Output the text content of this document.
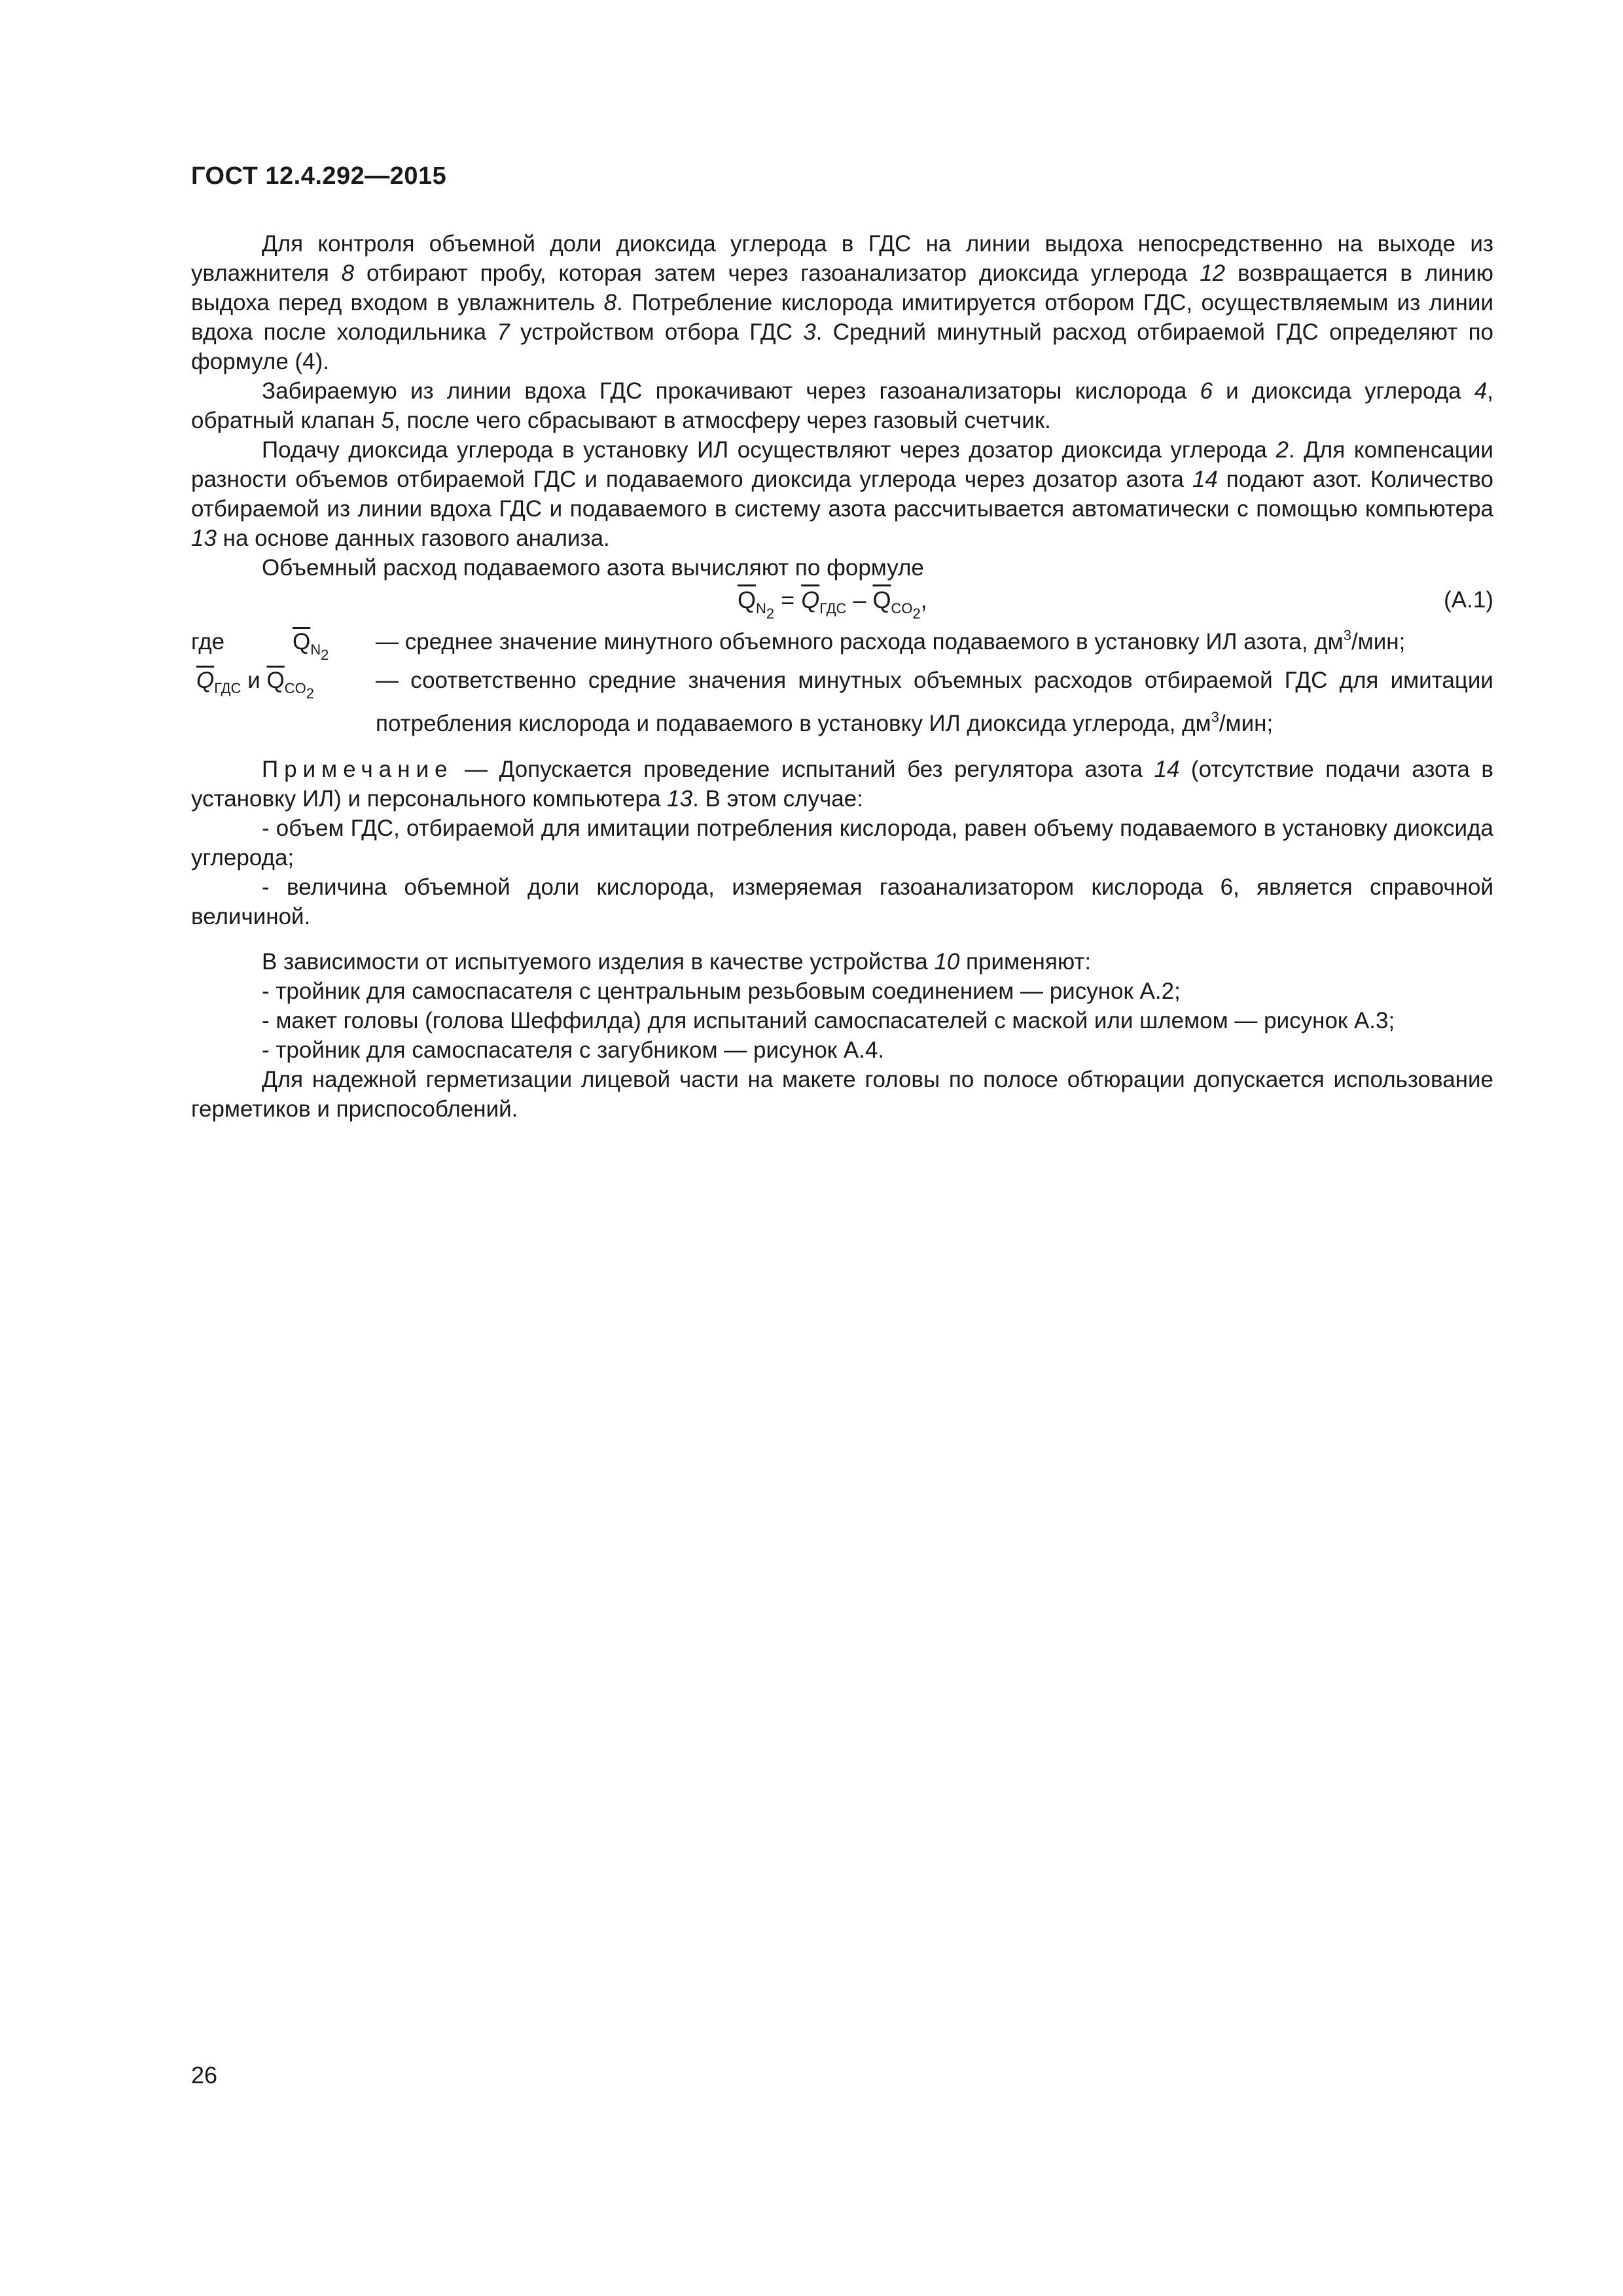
ГОСТ 12.4.292—2015

Для контроля объемной доли диоксида углерода в ГДС на линии выдоха непосредственно на выходе из увлажнителя 8 отбирают пробу, которая затем через газоанализатор диоксида углерода 12 возвращается в линию выдоха перед входом в увлажнитель 8. Потребление кислорода имитируется отбором ГДС, осуществляемым из линии вдоха после холодильника 7 устройством отбора ГДС 3. Средний минутный расход отбираемой ГДС определяют по формуле (4).

Забираемую из линии вдоха ГДС прокачивают через газоанализаторы кислорода 6 и диоксида углерода 4, обратный клапан 5, после чего сбрасывают в атмосферу через газовый счетчик.

Подачу диоксида углерода в установку ИЛ осуществляют через дозатор диоксида углерода 2. Для компенсации разности объемов отбираемой ГДС и подаваемого диоксида углерода через дозатор азота 14 подают азот. Количество отбираемой из линии вдоха ГДС и подаваемого в систему азота рассчитывается автоматически с помощью компьютера 13 на основе данных газового анализа.

Объемный расход подаваемого азота вычисляют по формуле

$\overline{Q}_{N_2} = \overline{Q}_{ГДС} - \overline{Q}_{CO_2}$,	(А.1)
где	$\overline{Q}_{N_2}$
— среднее значение минутного объемного расхода подаваемого в установку ИЛ азота, $дм^3$/мин;
$\overline{Q}_{ГДС}$ и $\overline{Q}_{CO_2}$
— соответственно средние значения минутных объемных расходов отбираемой ГДС для имитации потребления кислорода и подаваемого в установку ИЛ диоксида углерода, $дм^3$/мин;

Примечание — Допускается проведение испытаний без регулятора азота 14 (отсутствие подачи азота в установку ИЛ) и персонального компьютера 13. В этом случае:

- объем ГДС, отбираемой для имитации потребления кислорода, равен объему подаваемого в установку диоксида углерода;

- величина объемной доли кислорода, измеряемая газоанализатором кислорода 6, является справочной величиной.

В зависимости от испытуемого изделия в качестве устройства 10 применяют:

- тройник для самоспасателя с центральным резьбовым соединением — рисунок А.2;

- макет головы (голова Шеффилда) для испытаний самоспасателей с маской или шлемом — рисунок А.3;

- тройник для самоспасателя с загубником — рисунок А.4.

Для надежной герметизации лицевой части на макете головы по полосе обтюрации допускается использование герметиков и приспособлений.

26
